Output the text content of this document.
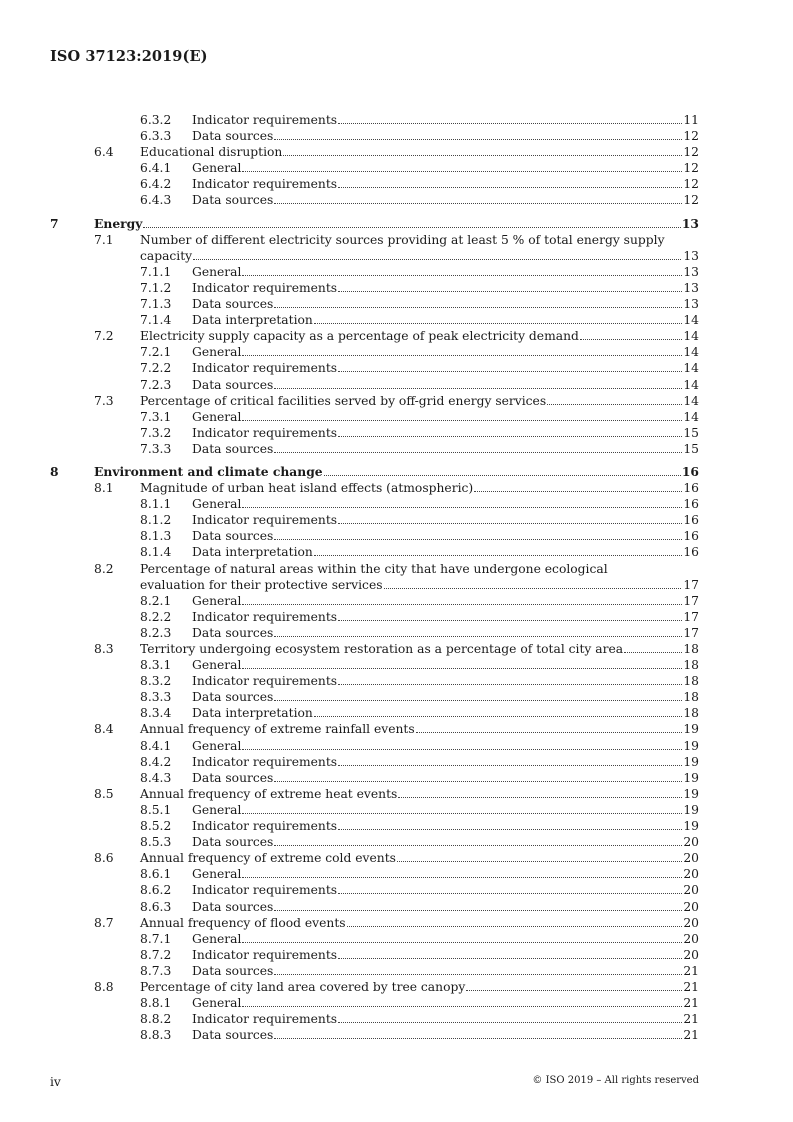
ISO 37123:2019(E)
6.3.2 Indicator requirements	11
6.3.3 Data sources	12
6.4 Educational disruption	12
6.4.1 General	12
6.4.2 Indicator requirements	12
6.4.3 Data sources	12
7	Energy	13
7.1 Number of different electricity sources providing at least 5 % of total energy supply capacity	13
7.1.1 General	13
7.1.2 Indicator requirements	13
7.1.3 Data sources	13
7.1.4 Data interpretation	14
7.2 Electricity supply capacity as a percentage of peak electricity demand	14
7.2.1 General	14
7.2.2 Indicator requirements	14
7.2.3 Data sources	14
7.3 Percentage of critical facilities served by off-grid energy services	14
7.3.1 General	14
7.3.2 Indicator requirements	15
7.3.3 Data sources	15
8	Environment and climate change	16
8.1 Magnitude of urban heat island effects (atmospheric)	16
8.1.1 General	16
8.1.2 Indicator requirements	16
8.1.3 Data sources	16
8.1.4 Data interpretation	16
8.2 Percentage of natural areas within the city that have undergone ecological evaluation for their protective services	17
8.2.1 General	17
8.2.2 Indicator requirements	17
8.2.3 Data sources	17
8.3 Territory undergoing ecosystem restoration as a percentage of total city area	18
8.3.1 General	18
8.3.2 Indicator requirements	18
8.3.3 Data sources	18
8.3.4 Data interpretation	18
8.4 Annual frequency of extreme rainfall events	19
8.4.1 General	19
8.4.2 Indicator requirements	19
8.4.3 Data sources	19
8.5 Annual frequency of extreme heat events	19
8.5.1 General	19
8.5.2 Indicator requirements	19
8.5.3 Data sources	20
8.6 Annual frequency of extreme cold events	20
8.6.1 General	20
8.6.2 Indicator requirements	20
8.6.3 Data sources	20
8.7 Annual frequency of flood events	20
8.7.1 General	20
8.7.2 Indicator requirements	20
8.7.3 Data sources	21
8.8 Percentage of city land area covered by tree canopy	21
8.8.1 General	21
8.8.2 Indicator requirements	21
8.8.3 Data sources	21
iv	© ISO 2019 – All rights reserved
